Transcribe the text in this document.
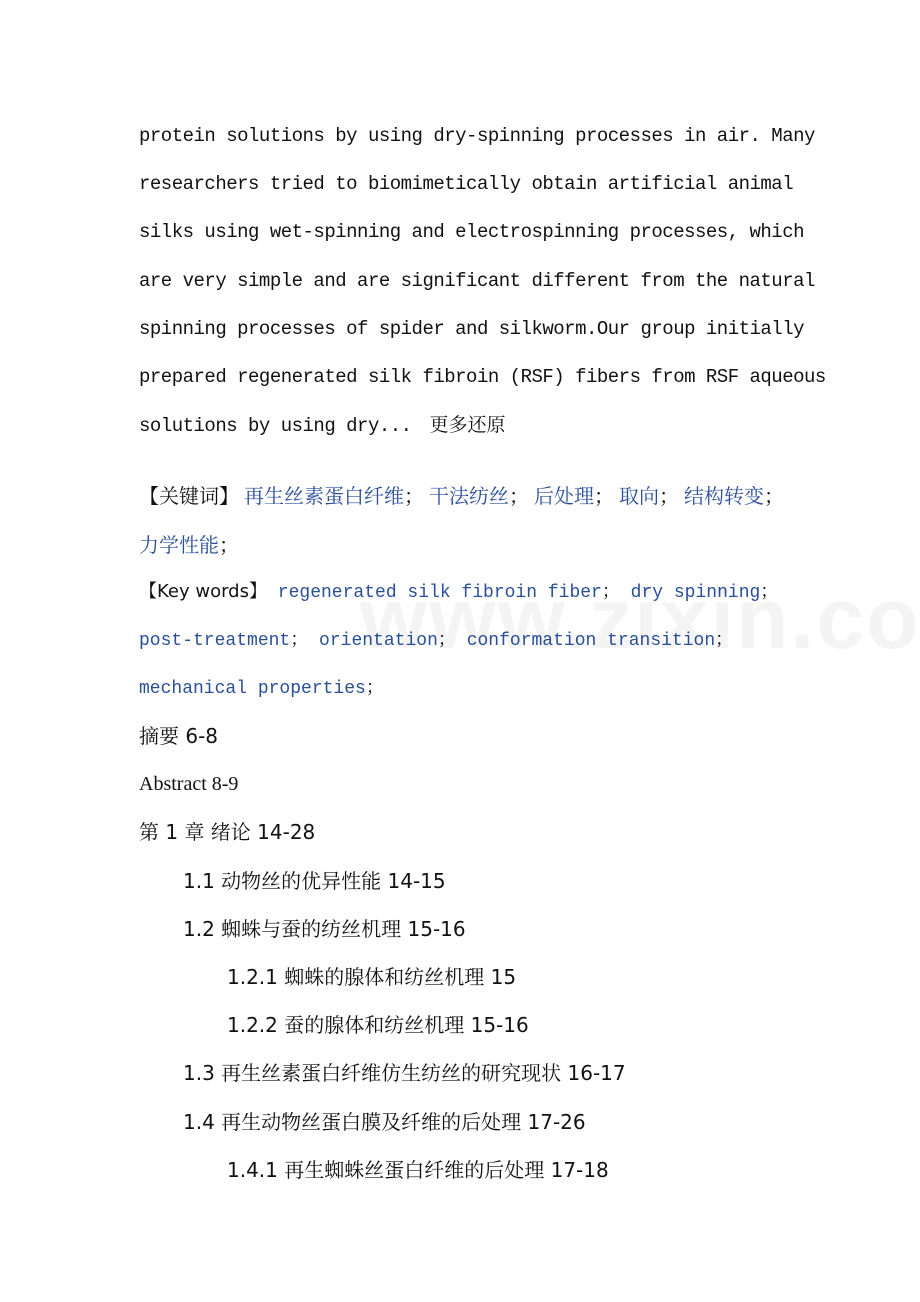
protein solutions by using dry-spinning processes in air. Many
researchers tried to biomimetically obtain artificial animal
silks using wet-spinning and electrospinning processes, which
are very simple and are significant different from the natural
spinning processes of spider and silkworm.Our group initially
prepared regenerated silk fibroin (RSF) fibers from RSF aqueous
solutions by using dry... 更多还原
【关键词】 再生丝素蛋白纤维； 干法纺丝； 后处理； 取向； 结构转变； 力学性能；
【Key words】 regenerated silk fibroin fiber； dry spinning； post-treatment； orientation； conformation transition； mechanical properties；
摘要 6-8
Abstract 8-9
第 1 章 绪论 14-28
1.1 动物丝的优异性能 14-15
1.2 蜘蛛与蚕的纺丝机理 15-16
1.2.1 蜘蛛的腺体和纺丝机理 15
1.2.2 蚕的腺体和纺丝机理 15-16
1.3 再生丝素蛋白纤维仿生纺丝的研究现状 16-17
1.4 再生动物丝蛋白膜及纤维的后处理 17-26
1.4.1 再生蜘蛛丝蛋白纤维的后处理 17-18
